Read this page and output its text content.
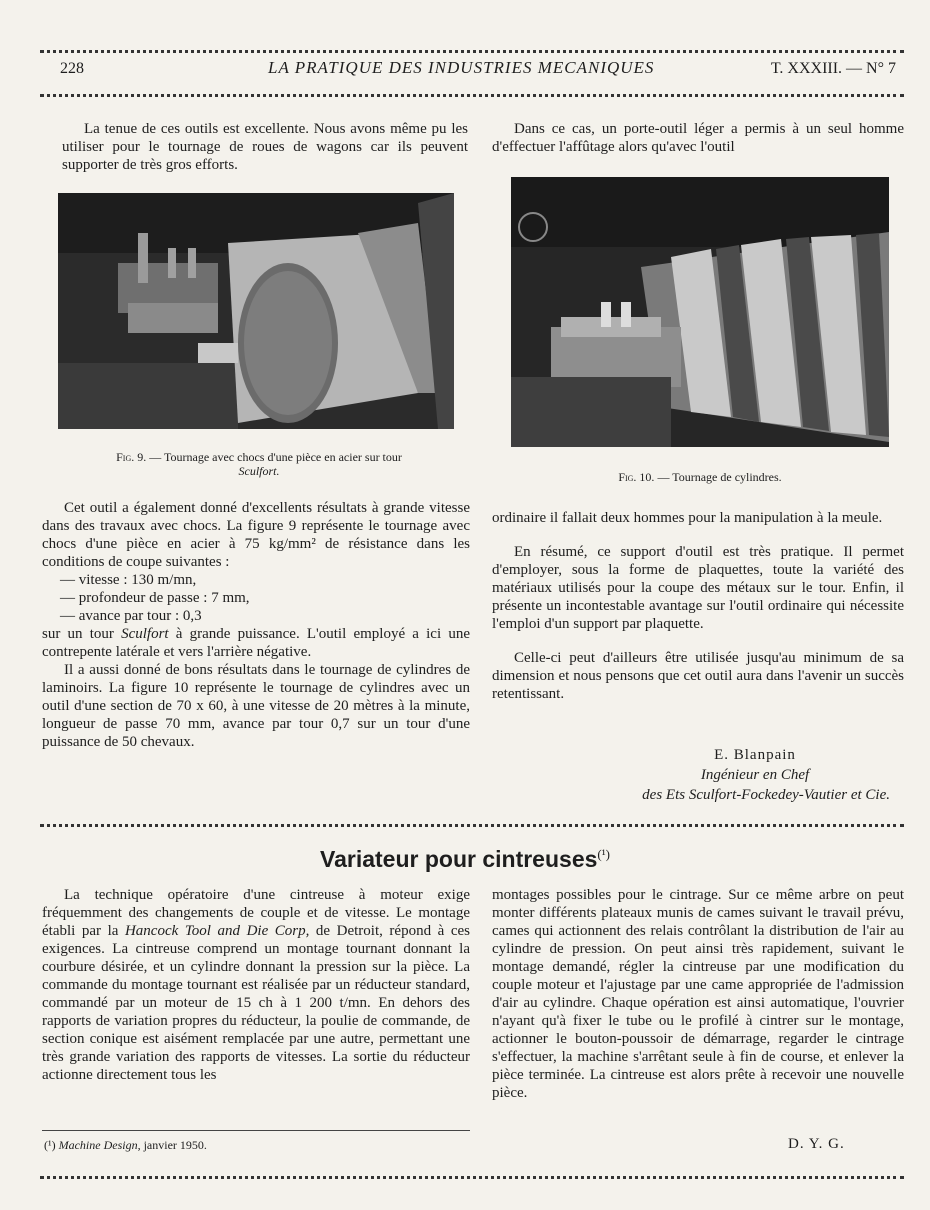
228	LA PRATIQUE DES INDUSTRIES MECANIQUES	T. XXXIII. — N° 7

La tenue de ces outils est excellente. Nous avons même pu les utiliser pour le tournage de roues de wagons car ils peuvent supporter de très gros efforts.

Dans ce cas, un porte-outil léger a permis à un seul homme d'effectuer l'affûtage alors qu'avec l'outil

Fig. 9. — Tournage avec chocs d'une pièce en acier sur tour
Sculfort.	Fig. 10. — Tournage de cylindres.

Cet outil a également donné d'excellents résultats à grande vitesse dans des travaux avec chocs. La figure 9 représente le tournage avec chocs d'une pièce en acier à 75 kg/mm² de résistance dans les conditions de coupe suivantes :

— vitesse : 130 m/mn,

— profondeur de passe : 7 mm,

— avance par tour : 0,3

sur un tour Sculfort à grande puissance. L'outil employé a ici une contrepente latérale et vers l'arrière négative.

Il a aussi donné de bons résultats dans le tournage de cylindres de laminoirs. La figure 10 représente le tournage de cylindres avec un outil d'une section de 70 x 60, à une vitesse de 20 mètres à la minute, longueur de passe 70 mm, avance par tour 0,7 sur un tour d'une puissance de 50 chevaux.

ordinaire il fallait deux hommes pour la manipulation à la meule.

En résumé, ce support d'outil est très pratique. Il permet d'employer, sous la forme de plaquettes, toute la variété des matériaux utilisés pour la coupe des métaux sur le tour. Enfin, il présente un incontestable avantage sur l'outil ordinaire qui nécessite l'emploi d'un support par plaquette.

Celle-ci peut d'ailleurs être utilisée jusqu'au minimum de sa dimension et nous pensons que cet outil aura dans l'avenir un succès retentissant.

E. Blanpain
Ingénieur en Chef
des Ets Sculfort-Fockedey-Vautier et Cie.
Variateur pour cintreuses$^{(^1)}$

La technique opératoire d'une cintreuse à moteur exige fréquemment des changements de couple et de vitesse. Le montage établi par la Hancock Tool and Die Corp, de Detroit, répond à ces exigences. La cintreuse comprend un montage tournant donnant la courbure désirée, et un cylindre donnant la pression sur la pièce. La commande du montage tournant est réalisée par un réducteur standard, commandé par un moteur de 15 ch à 1 200 t/mn. En dehors des rapports de variation propres du réducteur, la poulie de commande, de section conique est aisément remplacée par une autre, permettant une très grande variation des rapports de vitesses. La sortie du réducteur actionne directement tous les

montages possibles pour le cintrage. Sur ce même arbre on peut monter différents plateaux munis de cames suivant le travail prévu, cames qui actionnent des relais contrôlant la distribution de l'air au cylindre de pression. On peut ainsi très rapidement, suivant le montage demandé, régler la cintreuse par une modification du couple moteur et l'ajustage par une came appropriée de l'admission d'air au cylindre. Chaque opération est ainsi automatique, l'ouvrier n'ayant qu'à fixer le tube ou le profilé à cintrer sur le montage, actionner le bouton-poussoir de démarrage, regarder le cintrage s'effectuer, la machine s'arrêtant seule à fin de course, et enlever la pièce terminée. La cintreuse est alors prête à recevoir une nouvelle pièce.

(¹) Machine Design, janvier 1950.	D. Y. G.
